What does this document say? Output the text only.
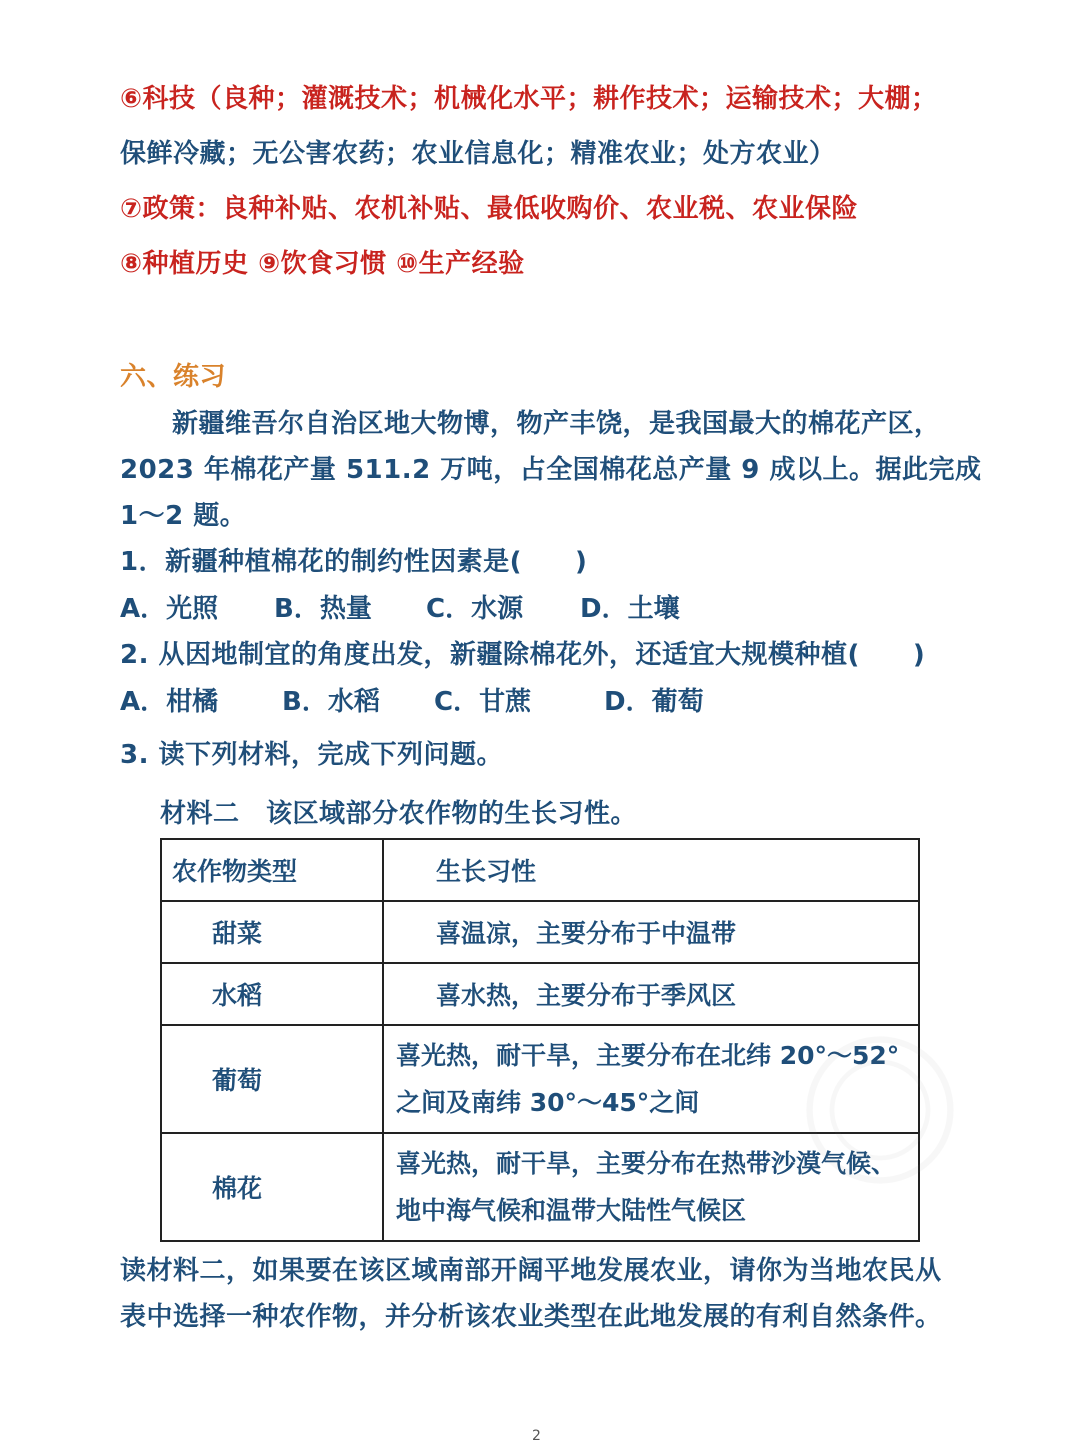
⑥科技（良种；灌溉技术；机械化水平；耕作技术；运输技术；大棚；
保鲜冷藏；无公害农药；农业信息化；精准农业；处方农业）
⑦政策：良种补贴、农机补贴、最低收购价、农业税、农业保险
⑧种植历史 ⑨饮食习惯 ⑩生产经验
六、练习
新疆维吾尔自治区地大物博，物产丰饶，是我国最大的棉花产区，
2023 年棉花产量 511.2 万吨，占全国棉花总产量 9 成以上。据此完成
1～2 题。
1．新疆种植棉花的制约性因素是(　　)
A．光照 B．热量 C．水源 D．土壤
2. 从因地制宜的角度出发，新疆除棉花外，还适宜大规模种植(　　)
A．柑橘 B．水稻 C．甘蔗	D．葡萄
3. 读下列材料，完成下列问题。
材料二　该区域部分农作物的生长习性。
农作物类型	生长习性

甜菜	喜温凉，主要分布于中温带

水稻	喜水热，主要分布于季风区

葡萄	喜光热，耐干旱，主要分布在北纬 20°～52°
之间及南纬 30°～45°之间

棉花	喜光热，耐干旱，主要分布在热带沙漠气候、
地中海气候和温带大陆性气候区
读材料二，如果要在该区域南部开阔平地发展农业，请你为当地农民从
表中选择一种农作物，并分析该农业类型在此地发展的有利自然条件。
2
